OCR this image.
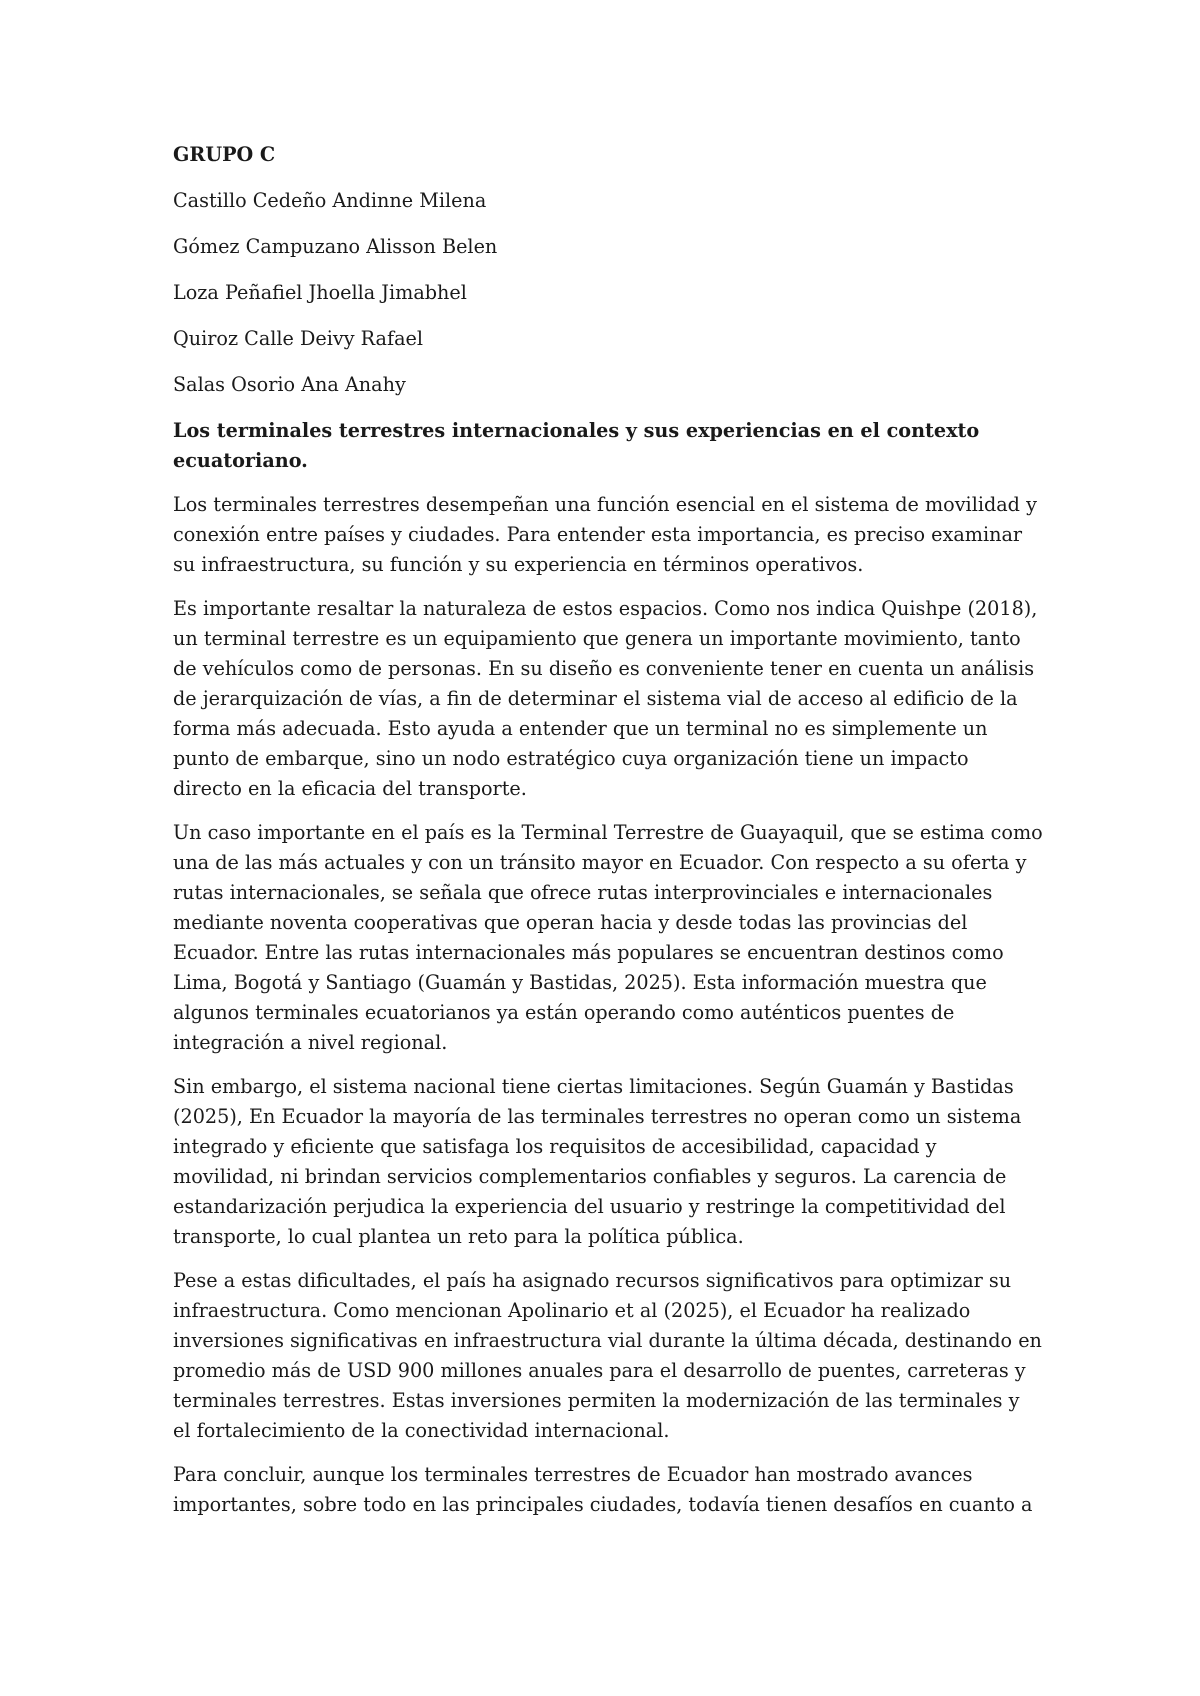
GRUPO C

Castillo Cedeño Andinne Milena

Gómez Campuzano Alisson Belen

Loza Peñafiel Jhoella Jimabhel

Quiroz Calle Deivy Rafael

Salas Osorio Ana Anahy

Los terminales terrestres internacionales y sus experiencias en el contexto ecuatoriano.

Los terminales terrestres desempeñan una función esencial en el sistema de movilidad y conexión entre países y ciudades. Para entender esta importancia, es preciso examinar su infraestructura, su función y su experiencia en términos operativos.

Es importante resaltar la naturaleza de estos espacios. Como nos indica Quishpe (2018), un terminal terrestre es un equipamiento que genera un importante movimiento, tanto de vehículos como de personas. En su diseño es conveniente tener en cuenta un análisis de jerarquización de vías, a fin de determinar el sistema vial de acceso al edificio de la forma más adecuada. Esto ayuda a entender que un terminal no es simplemente un punto de embarque, sino un nodo estratégico cuya organización tiene un impacto directo en la eficacia del transporte.

Un caso importante en el país es la Terminal Terrestre de Guayaquil, que se estima como una de las más actuales y con un tránsito mayor en Ecuador. Con respecto a su oferta y rutas internacionales, se señala que ofrece rutas interprovinciales e internacionales mediante noventa cooperativas que operan hacia y desde todas las provincias del Ecuador. Entre las rutas internacionales más populares se encuentran destinos como Lima, Bogotá y Santiago (Guamán y Bastidas, 2025). Esta información muestra que algunos terminales ecuatorianos ya están operando como auténticos puentes de integración a nivel regional.

Sin embargo, el sistema nacional tiene ciertas limitaciones. Según Guamán y Bastidas (2025), En Ecuador la mayoría de las terminales terrestres no operan como un sistema integrado y eficiente que satisfaga los requisitos de accesibilidad, capacidad y movilidad, ni brindan servicios complementarios confiables y seguros. La carencia de estandarización perjudica la experiencia del usuario y restringe la competitividad del transporte, lo cual plantea un reto para la política pública.

Pese a estas dificultades, el país ha asignado recursos significativos para optimizar su infraestructura. Como mencionan Apolinario et al (2025), el Ecuador ha realizado inversiones significativas en infraestructura vial durante la última década, destinando en promedio más de USD 900 millones anuales para el desarrollo de puentes, carreteras y terminales terrestres. Estas inversiones permiten la modernización de las terminales y el fortalecimiento de la conectividad internacional.

Para concluir, aunque los terminales terrestres de Ecuador han mostrado avances importantes, sobre todo en las principales ciudades, todavía tienen desafíos en cuanto a
